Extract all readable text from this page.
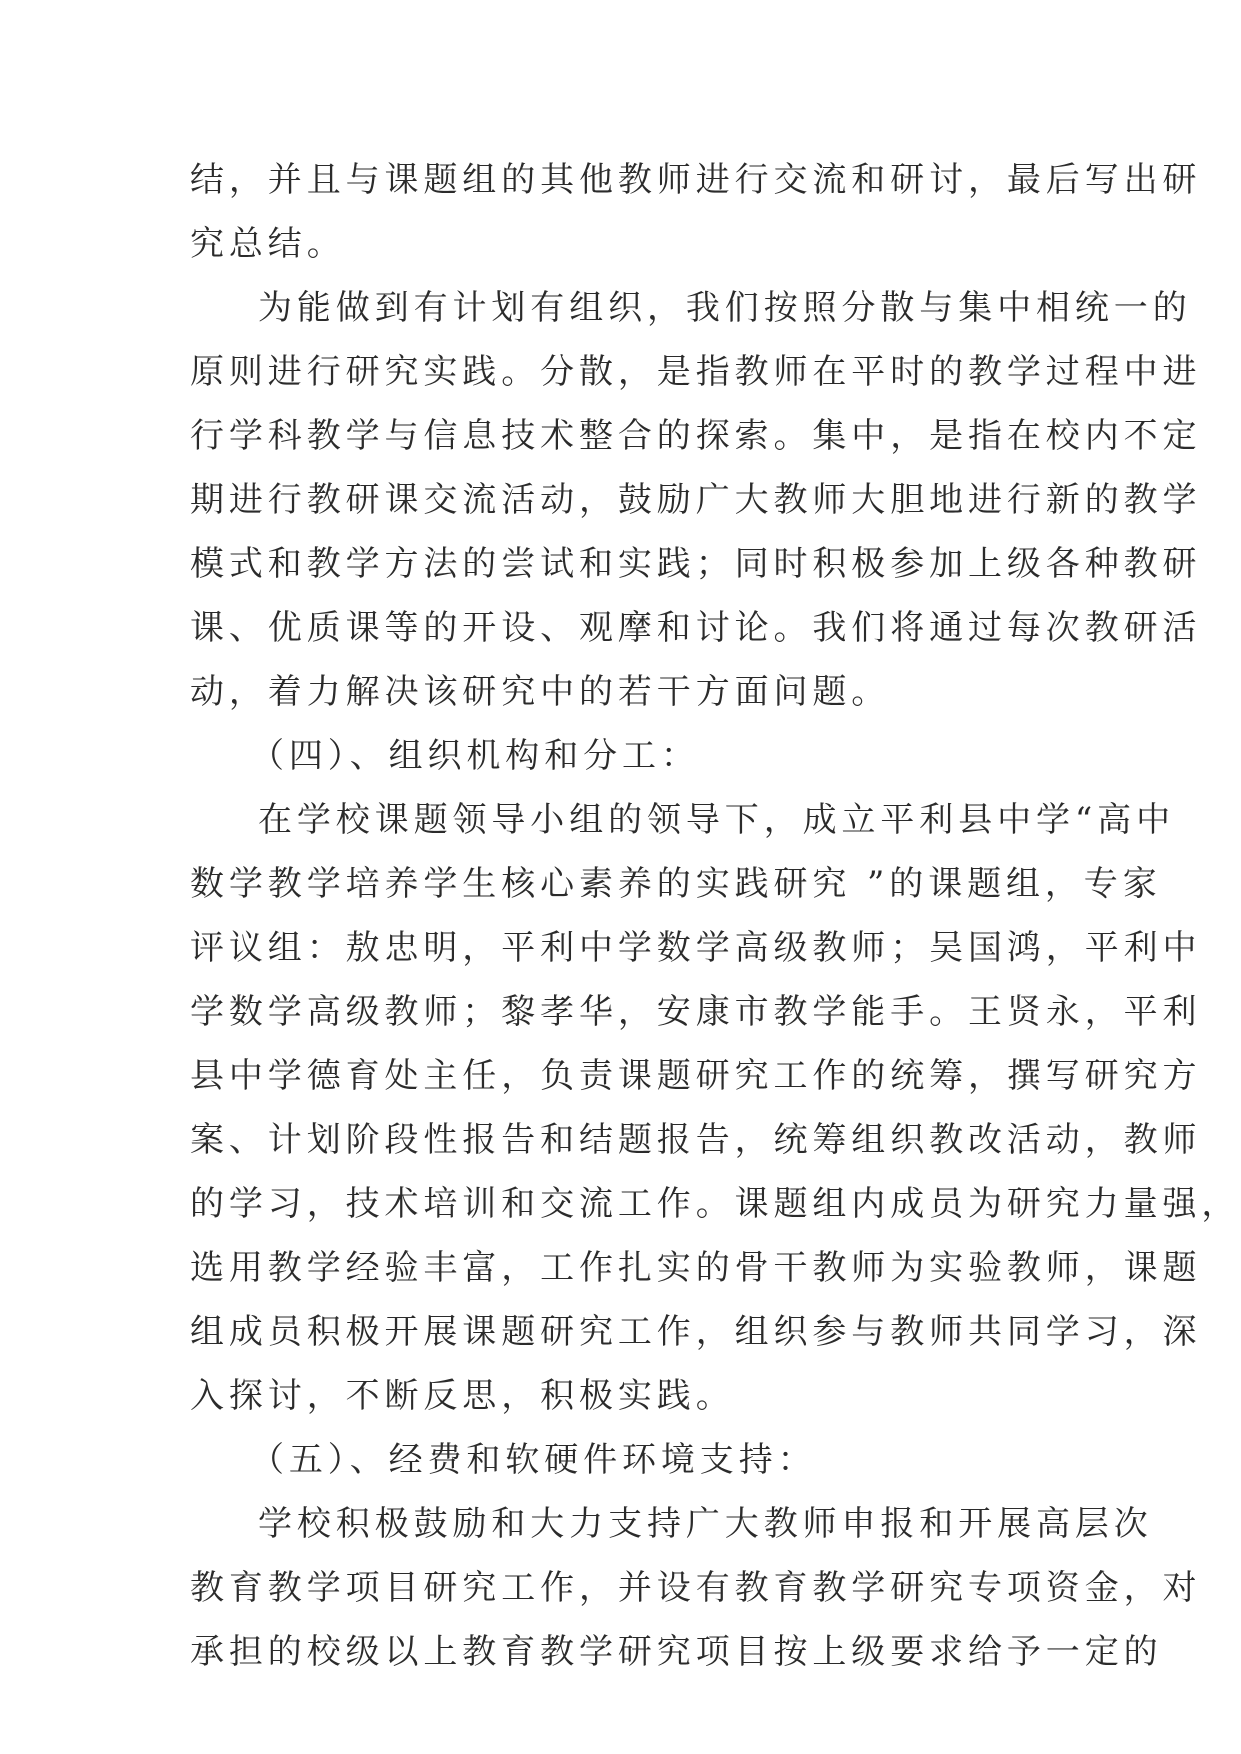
结，并且与课题组的其他教师进行交流和研讨，最后写出研
究总结。
为能做到有计划有组织，我们按照分散与集中相统一的
原则进行研究实践。分散，是指教师在平时的教学过程中进
行学科教学与信息技术整合的探索。集中，是指在校内不定
期进行教研课交流活动，鼓励广大教师大胆地进行新的教学
模式和教学方法的尝试和实践；同时积极参加上级各种教研
课、优质课等的开设、观摩和讨论。我们将通过每次教研活
动，着力解决该研究中的若干方面问题。
（四）、组织机构和分工：
在学校课题领导小组的领导下，成立平利县中学“高中
数学教学培养学生核心素养的实践研究 ”的课题组，专家
评议组：敖忠明，平利中学数学高级教师；吴国鸿，平利中
学数学高级教师；黎孝华，安康市教学能手。王贤永，平利
县中学德育处主任，负责课题研究工作的统筹，撰写研究方
案、计划阶段性报告和结题报告，统筹组织教改活动，教师
的学习，技术培训和交流工作。课题组内成员为研究力量强，
选用教学经验丰富，工作扎实的骨干教师为实验教师，课题
组成员积极开展课题研究工作，组织参与教师共同学习，深
入探讨，不断反思，积极实践。
（五）、经费和软硬件环境支持：
学校积极鼓励和大力支持广大教师申报和开展高层次
教育教学项目研究工作，并设有教育教学研究专项资金，对
承担的校级以上教育教学研究项目按上级要求给予一定的
